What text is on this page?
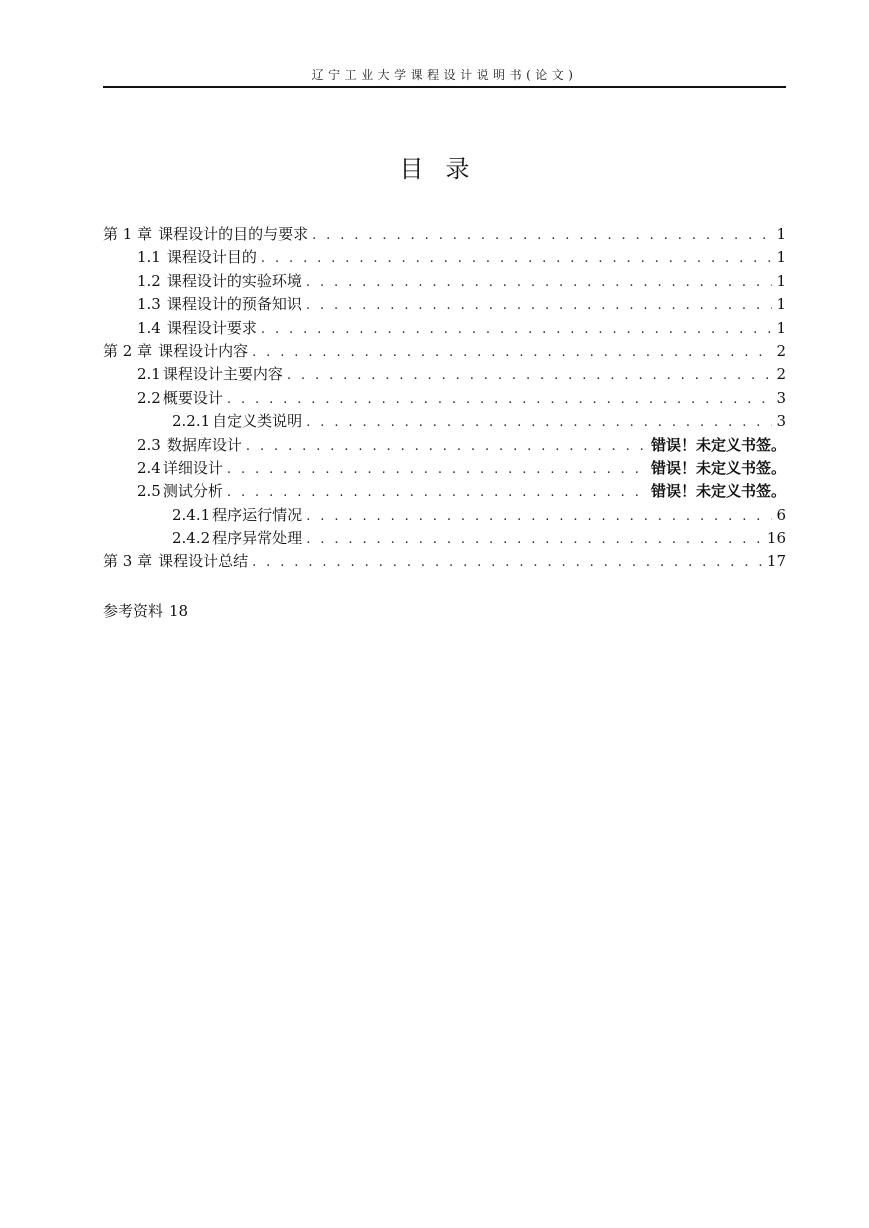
辽宁工业大学课程设计说明书(论文)
目录
第 1 章 课程设计的目的与要求 . . .	1
1.1 课程设计目的 . . .	1
1.2 课程设计的实验环境 . . .	1
1.3 课程设计的预备知识 . . .	1
1.4 课程设计要求 . . .	1
第 2 章 课程设计内容 . . .	2
2.1 课程设计主要内容 . . .	2
2.2 概要设计 . . .	3
2.2.1 自定义类说明 . . .	3
2.3 数据库设计 . . .	错误！未定义书签。
2.4 详细设计 . . .	错误！未定义书签。
2.5 测试分析 . . .	错误！未定义书签。
2.4.1 程序运行情况 . . .	6
2.4.2 程序异常处理 . . .	16
第 3 章 课程设计总结 . . .	17
参考资料 18
